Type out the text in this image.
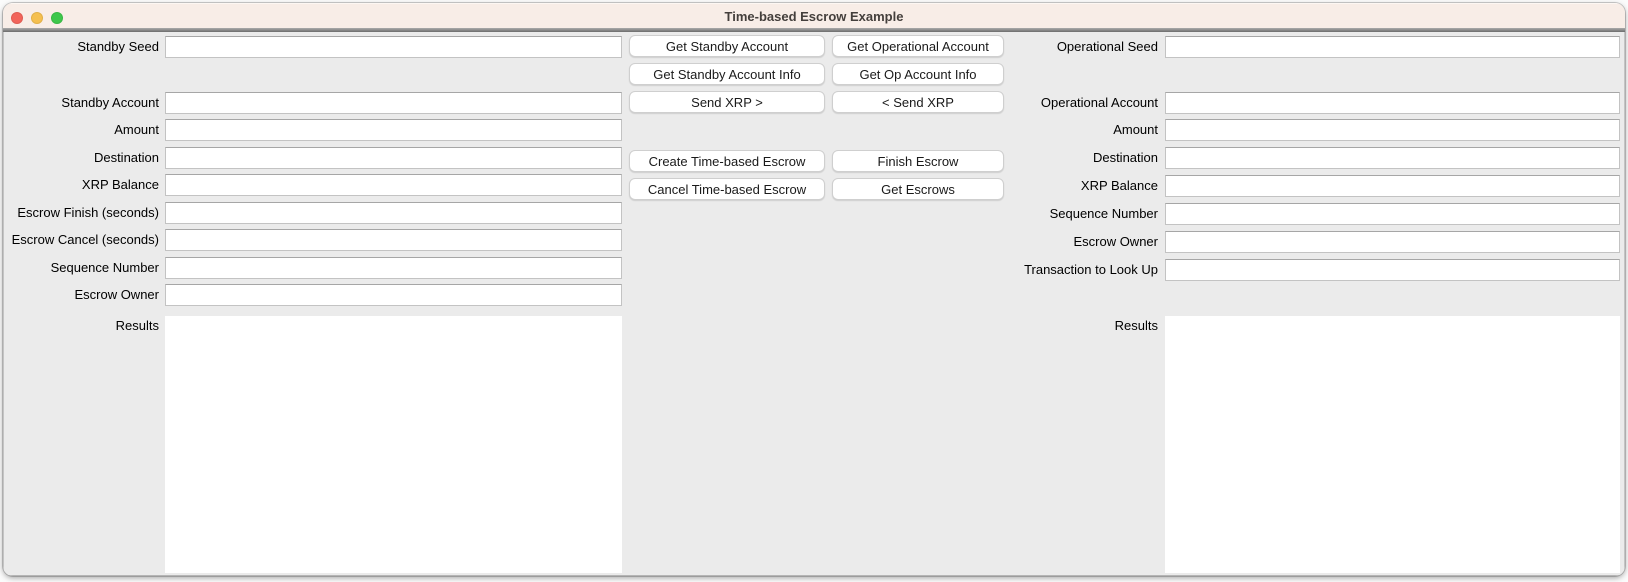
Time-based Escrow Example
Standby Seed
Standby Account
Amount
Destination
XRP Balance
Escrow Finish (seconds)
Escrow Cancel (seconds)
Sequence Number
Escrow Owner
Results
Get Standby Account
Get Standby Account Info
Send XRP >
Create Time-based Escrow
Cancel Time-based Escrow
Get Operational Account
Get Op Account Info
< Send XRP
Finish Escrow
Get Escrows
Operational Seed
Operational Account
Amount
Destination
XRP Balance
Sequence Number
Escrow Owner
Transaction to Look Up
Results
